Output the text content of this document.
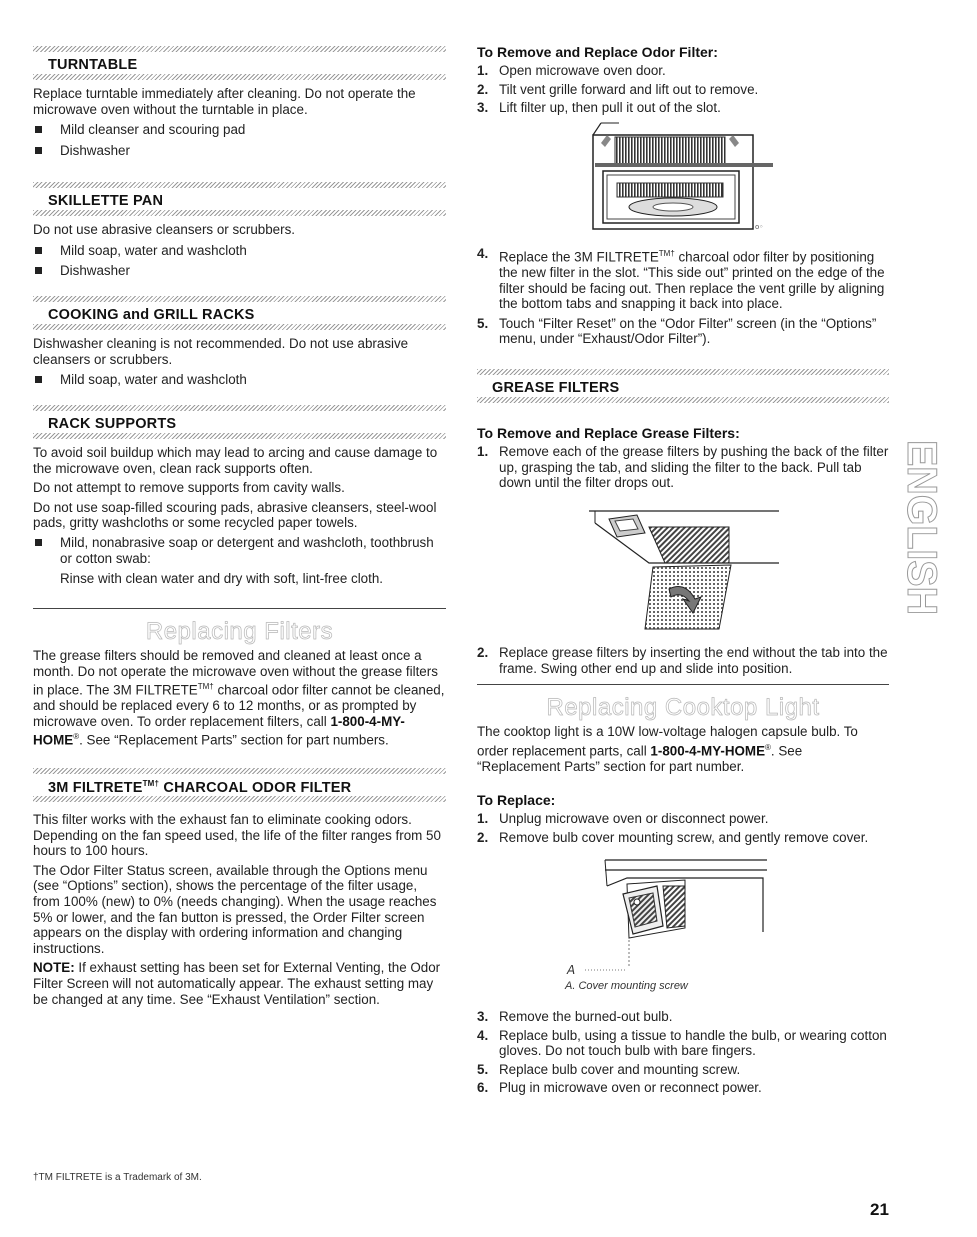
TURNTABLE

Replace turntable immediately after cleaning. Do not operate the microwave oven without the turntable in place.

Mild cleanser and scouring pad
Dishwasher
SKILLETTE PAN

Do not use abrasive cleansers or scrubbers.

Mild soap, water and washcloth
Dishwasher
COOKING and GRILL RACKS

Dishwasher cleaning is not recommended. Do not use abrasive cleansers or scrubbers.

Mild soap, water and washcloth
RACK SUPPORTS

To avoid soil buildup which may lead to arcing and cause damage to the microwave oven, clean rack supports often.

Do not attempt to remove supports from cavity walls.

Do not use soap-filled scouring pads, abrasive cleansers, steel-wool pads, gritty washcloths or some recycled paper towels.

Mild, nonabrasive soap or detergent and washcloth, toothbrush or cotton swab:

Rinse with clean water and dry with soft, lint-free cloth.

Replacing Filters

The grease filters should be removed and cleaned at least once a month. Do not operate the microwave oven without the grease filters in place. The 3M $FILTRETE^{TM\dagger}$ charcoal odor filter cannot be cleaned, and should be replaced every 6 to 12 months, or as prompted by microwave oven. To order replacement filters, call 1-800-4-MY-HOME®. See “Replacement Parts” section for part numbers.

3M $FILTRETE^{TM\dagger}$ CHARCOAL ODOR FILTER

This filter works with the exhaust fan to eliminate cooking odors. Depending on the fan speed used, the life of the filter ranges from 50 hours to 100 hours.

The Odor Filter Status screen, available through the Options menu (see “Options” section), shows the percentage of the filter usage, from 100% (new) to 0% (needs changing). When the usage reaches 5% or lower, and the fan button is pressed, the Order Filter screen appears on the display with ordering information and changing instructions.

NOTE: If exhaust setting has been set for External Venting, the Odor Filter Screen will not automatically appear. The exhaust setting may be changed at any time. See “Exhaust Ventilation” section.

To Remove and Replace Odor Filter:
1. Open microwave oven door.
2. Tilt vent grille forward and lift out to remove.
3. Lift filter up, then pull it out of the slot.
o◦
4. Replace the 3M $FILTRETE^{TM\dagger}$ charcoal odor filter by positioning the new filter in the slot. “This side out” printed on the edge of the filter should be facing out. Then replace the vent grille by aligning the bottom tabs and snapping it back into place.
5. Touch “Filter Reset” on the “Odor Filter” screen (in the “Options” menu, under “Exhaust/Odor Filter”).
GREASE FILTERS
To Remove and Replace Grease Filters:
1. Remove each of the grease filters by pushing the back of the filter up, grasping the tab, and sliding the filter to the back. Pull tab down until the filter drops out.
2. Replace grease filters by inserting the end without the tab into the frame. Swing other end up and slide into position.
Replacing Cooktop Light

The cooktop light is a 10W low-voltage halogen capsule bulb. To order replacement parts, call 1-800-4-MY-HOME®. See “Replacement Parts” section for part number.

To Replace:
1. Unplug microwave oven or disconnect power.
2. Remove bulb cover mounting screw, and gently remove cover.
A
A. Cover mounting screw
3. Remove the burned-out bulb.
4. Replace bulb, using a tissue to handle the bulb, or wearing cotton gloves. Do not touch bulb with bare fingers.
5. Replace bulb cover and mounting screw.
6. Plug in microwave oven or reconnect power.
ENGLISH
†TM FILTRETE is a Trademark of 3M.
21
